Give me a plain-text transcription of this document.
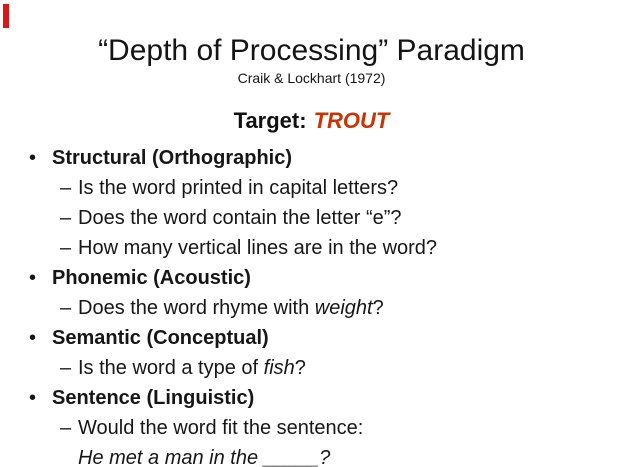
“Depth of Processing” Paradigm
Craik & Lockhart (1972)
Target: TROUT
• Structural (Orthographic)
– Is the word printed in capital letters?
– Does the word contain the letter “e”?
– How many vertical lines are in the word?
• Phonemic (Acoustic)
– Does the word rhyme with weight?
• Semantic (Conceptual)
– Is the word a type of fish?
• Sentence (Linguistic)
– Would the word fit the sentence:
He met a man in the _____?
